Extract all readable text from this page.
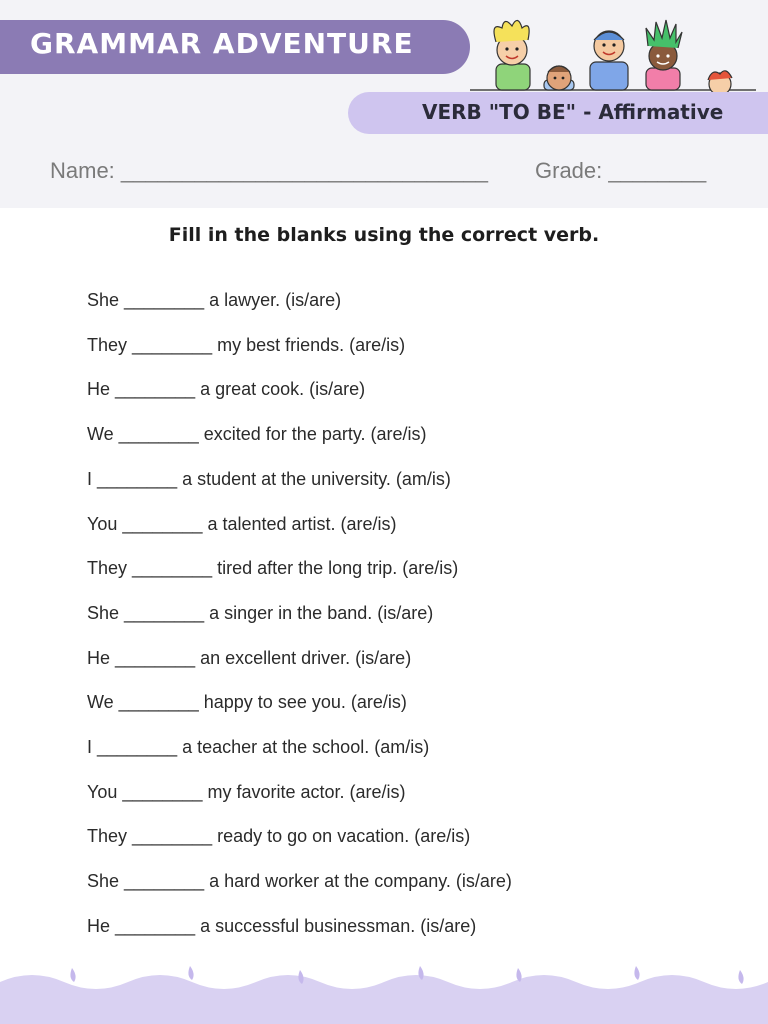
GRAMMAR ADVENTURE
VERB "TO BE" - Affirmative
Name: ______________________________ Grade: ________
Fill in the blanks using the correct verb.
She ________ a lawyer. (is/are)
They ________ my best friends. (are/is)
He ________ a great cook. (is/are)
We ________ excited for the party. (are/is)
I ________ a student at the university. (am/is)
You ________ a talented artist. (are/is)
They ________ tired after the long trip. (are/is)
She ________ a singer in the band. (is/are)
He ________ an excellent driver. (is/are)
We ________ happy to see you. (are/is)
I ________ a teacher at the school. (am/is)
You ________ my favorite actor. (are/is)
They ________ ready to go on vacation. (are/is)
She ________ a hard worker at the company. (is/are)
He ________ a successful businessman. (is/are)
